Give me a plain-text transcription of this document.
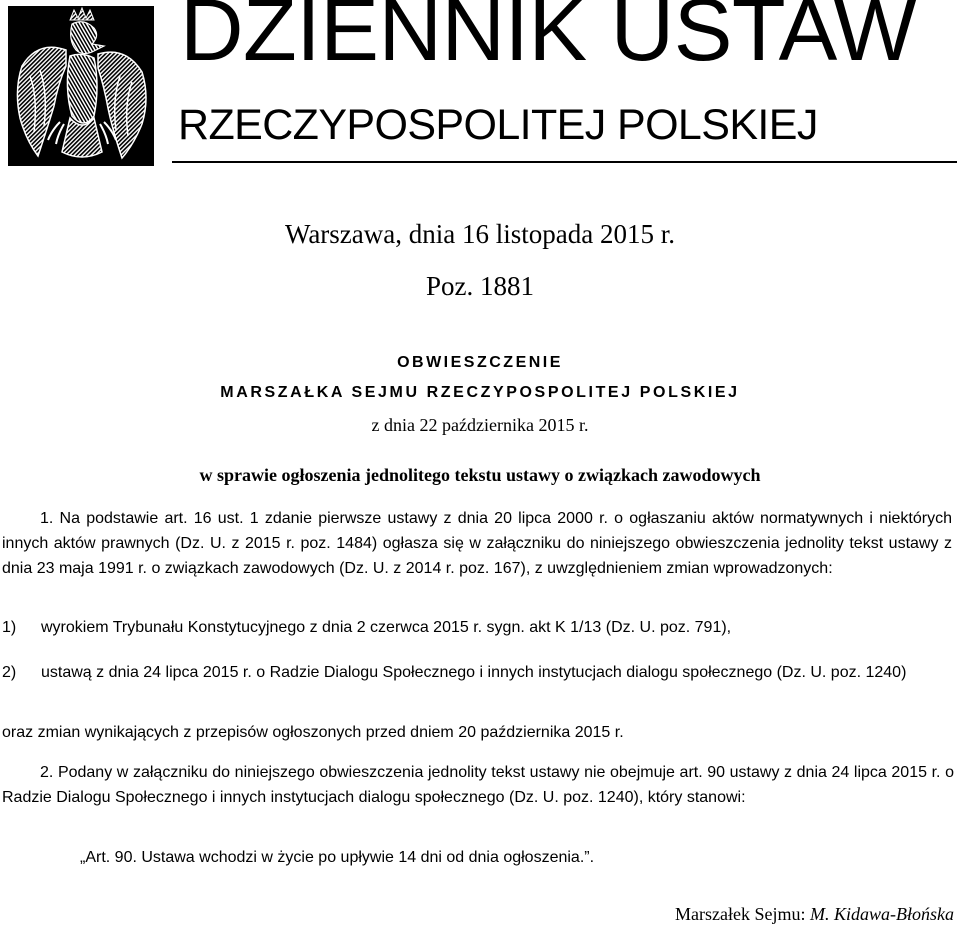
DZIENNIK USTAW
RZECZYPOSPOLITEJ POLSKIEJ
Warszawa, dnia 16 listopada 2015 r.
Poz. 1881
OBWIESZCZENIE
MARSZAŁKA SEJMU RZECZYPOSPOLITEJ POLSKIEJ
z dnia 22 października 2015 r.
w sprawie ogłoszenia jednolitego tekstu ustawy o związkach zawodowych
1. Na podstawie art. 16 ust. 1 zdanie pierwsze ustawy z dnia 20 lipca 2000 r. o ogłaszaniu aktów normatywnych i niektórych innych aktów prawnych (Dz. U. z 2015 r. poz. 1484) ogłasza się w załączniku do niniejszego obwieszczenia jednolity tekst ustawy z dnia 23 maja 1991 r. o związkach zawodowych (Dz. U. z 2014 r. poz. 167), z uwzględnieniem zmian wprowadzonych:
1)	wyrokiem Trybunału Konstytucyjnego z dnia 2 czerwca 2015 r. sygn. akt K 1/13 (Dz. U. poz. 791),
2)	ustawą z dnia 24 lipca 2015 r. o Radzie Dialogu Społecznego i innych instytucjach dialogu społecznego (Dz. U. poz. 1240)
oraz zmian wynikających z przepisów ogłoszonych przed dniem 20 października 2015 r.
2. Podany w załączniku do niniejszego obwieszczenia jednolity tekst ustawy nie obejmuje art. 90 ustawy z dnia 24 lipca 2015 r. o Radzie Dialogu Społecznego i innych instytucjach dialogu społecznego (Dz. U. poz. 1240), który stanowi:
„Art. 90. Ustawa wchodzi w życie po upływie 14 dni od dnia ogłoszenia.”.
Marszałek Sejmu: M. Kidawa-Błońska
